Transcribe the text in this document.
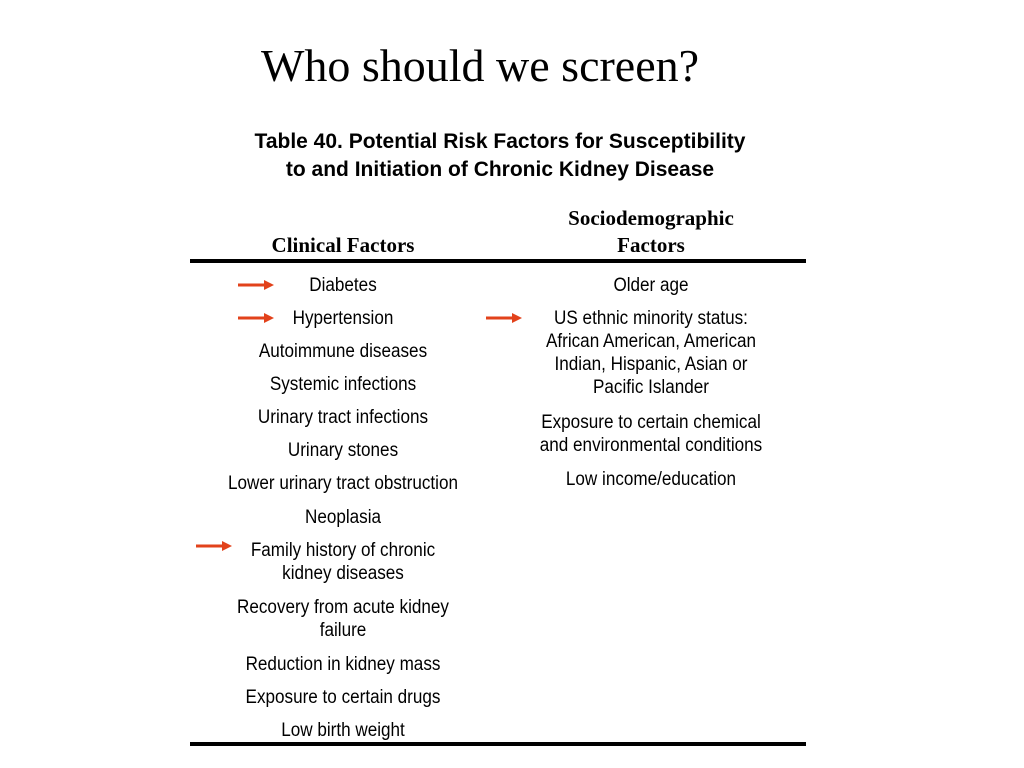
Who should we screen?
Table 40. Potential Risk Factors for Susceptibility
to and Initiation of Chronic Kidney Disease
Clinical Factors
Sociodemographic
Factors
Diabetes
Hypertension
Autoimmune diseases
Systemic infections
Urinary tract infections
Urinary stones
Lower urinary tract obstruction
Neoplasia
Family history of chronic
kidney diseases
Recovery from acute kidney
failure
Reduction in kidney mass
Exposure to certain drugs
Low birth weight
Older age
US ethnic minority status:
African American, American
Indian, Hispanic, Asian or
Pacific Islander
Exposure to certain chemical
and environmental conditions
Low income/education
